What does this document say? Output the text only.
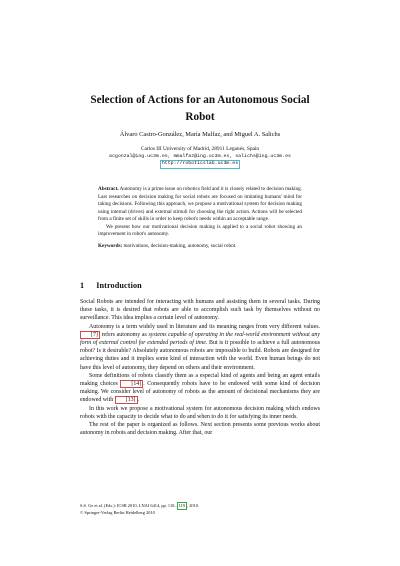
Selection of Actions for an Autonomous Social
Robot
Álvaro Castro-González, María Malfaz, and Miguel A. Salichs
Carlos III University of Madrid, 28911 Leganés, Spain
acgonzal@ing.uc3m.es, mmalfaz@ing.uc3m.es, salichs@ing.uc3m.es
http://roboticslab.uc3m.es

Abstract. Autonomy is a prime issue on robotics field and it is closely related to decision making. Last researches on decision making for social robots are focused on imitating humans' mind for taking decisions. Following this approach, we propose a motivational system for decision making using internal (drives) and external stimuli for choosing the right action. Actions will be selected from a finite set of skills in order to keep robot's needs within an acceptable range.

We present how our motivational decision making is applied to a social robot showing an improvement in robot's autonomy.

Keywords: motivations, decision-making, autonomy, social robot.

1 Introduction

Social Robots are intended for interacting with humans and assisting them in several tasks. During these tasks, it is desired that robots are able to accomplish such task by themselves without no surveillance. This idea implies a certain level of autonomy.

Autonomy is a term widely used in literature and its meaning ranges from very different values. [7] refers autonomy as systems capable of operating in the real-world environment without any form of external control for extended periods of time. But is it possible to achieve a full autonomous robot? Is it desirable? Absolutely autonomous robots are impossible to build. Robots are designed for achieving duties and it implies some kind of interaction with the world. Even human beings do not have this level of autonomy, they depend on others and their environment.

Some definitions of robots classify them as a especial kind of agents and being an agent entails making choices [14] . Consequently robots have to be endowed with some kind of decision making. We consider level of autonomy of robots as the amount of decisional mechanisms they are endowed with [13] .

In this work we propose a motivational system for autonomous decision making which endows robots with the capacity to decide what to do and when to do it for satisfying its inner needs.

The rest of the paper is organized as follows. Next section presents some previous works about autonomy in robots and decision making. After that, our

S.S. Ge et al. (Eds.): ICSR 2010, LNAI 6414, pp. 110– 119 , 2010.
© Springer-Verlag Berlin Heidelberg 2010
